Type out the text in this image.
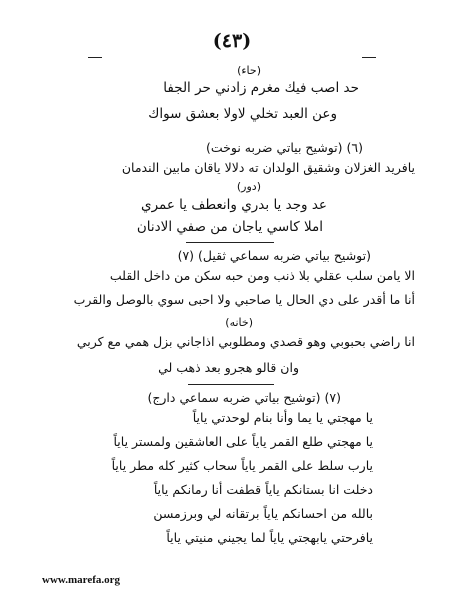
(٤٣)
(حاء)
حد اصب فيك مغرم زادني حر الجفا
وعن العبد تخلي لاولا بعشق سواك
(٦) (توشيح بياتي ضربه نوخت)
يافريد الغزلان وشقيق الولدان ته دلالا ياقان مابين الندمان
(دور)
عد وجد يا بدري وانعطف يا عمري
املا كاسي ياجان من صفي الادنان
(توشيح بياتي ضربه سماعي ثقيل) (٧)
الا يامن سلب عقلي بلا ذنب ومن حبه سكن من داخل القلب
أنا ما أقدر على دي الحال يا صاحبي ولا احبى سوي بالوصل والقرب
(خانه)
انا راضي بحبوبي وهو قصدي ومطلوبي اذاجاني بزل همي مع كربي
وان قالو هجرو بعد ذهب لي
(٧) (توشيح بياتي ضربه سماعي دارج)
يا مهجتي يا يما وأنا بنام لوحدتي ياياً
يا مهجتي طلع القمر ياياً على العاشقين ولمستر ياياً
يارب سلط على القمر ياياً سحاب كثير كله مطر ياياً
دخلت انا بستانكم ياياً قطفت أنا رمانكم ياياً
بالله من احسانكم ياياً برتقانه لي وبرزمسن
يافرحتي يابهجتي ياياً لما يجيني منيتي ياياً
www.marefa.org
